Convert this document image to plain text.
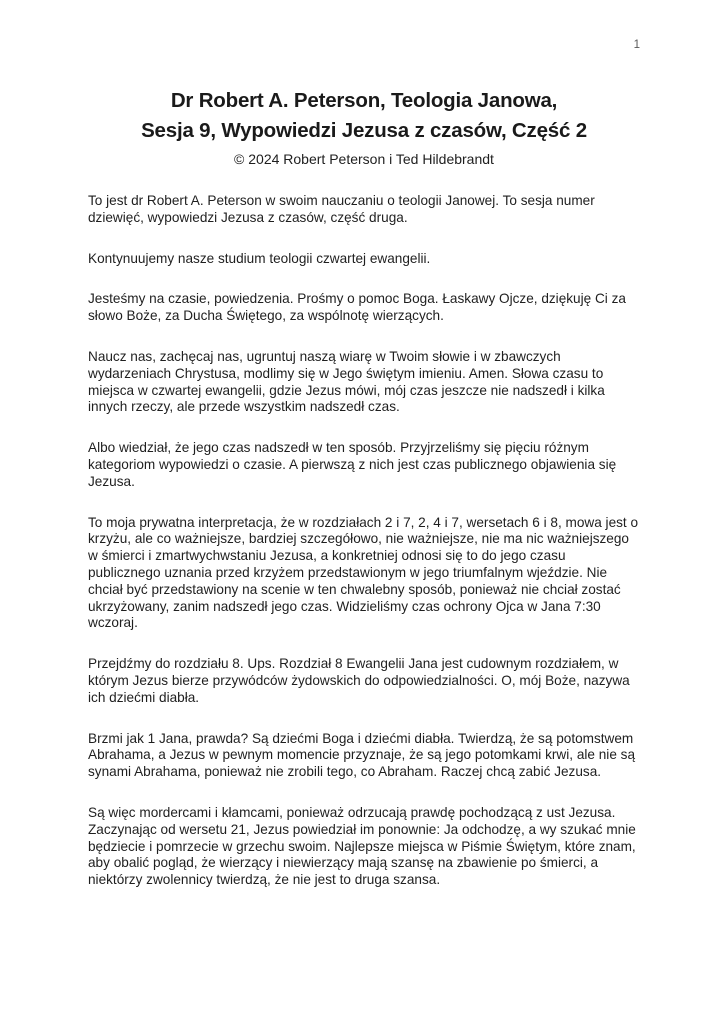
1
Dr Robert A. Peterson, Teologia Janowa,
Sesja 9, Wypowiedzi Jezusa z czasów, Część 2
© 2024 Robert Peterson i Ted Hildebrandt

To jest dr Robert A. Peterson w swoim nauczaniu o teologii Janowej. To sesja numer dziewięć, wypowiedzi Jezusa z czasów, część druga.

Kontynuujemy nasze studium teologii czwartej ewangelii.

Jesteśmy na czasie, powiedzenia. Prośmy o pomoc Boga. Łaskawy Ojcze, dziękuję Ci za słowo Boże, za Ducha Świętego, za wspólnotę wierzących.

Naucz nas, zachęcaj nas, ugruntuj naszą wiarę w Twoim słowie i w zbawczych wydarzeniach Chrystusa, modlimy się w Jego świętym imieniu. Amen. Słowa czasu to miejsca w czwartej ewangelii, gdzie Jezus mówi, mój czas jeszcze nie nadszedł i kilka innych rzeczy, ale przede wszystkim nadszedł czas.

Albo wiedział, że jego czas nadszedł w ten sposób. Przyjrzeliśmy się pięciu różnym kategoriom wypowiedzi o czasie. A pierwszą z nich jest czas publicznego objawienia się Jezusa.

To moja prywatna interpretacja, że w rozdziałach 2 i 7, 2, 4 i 7, wersetach 6 i 8, mowa jest o krzyżu, ale co ważniejsze, bardziej szczegółowo, nie ważniejsze, nie ma nic ważniejszego w śmierci i zmartwychwstaniu Jezusa, a konkretniej odnosi się to do jego czasu publicznego uznania przed krzyżem przedstawionym w jego triumfalnym wjeździe. Nie chciał być przedstawiony na scenie w ten chwalebny sposób, ponieważ nie chciał zostać ukrzyżowany, zanim nadszedł jego czas. Widzieliśmy czas ochrony Ojca w Jana 7:30 wczoraj.

Przejdźmy do rozdziału 8. Ups. Rozdział 8 Ewangelii Jana jest cudownym rozdziałem, w którym Jezus bierze przywódców żydowskich do odpowiedzialności. O, mój Boże, nazywa ich dziećmi diabła.

Brzmi jak 1 Jana, prawda? Są dziećmi Boga i dziećmi diabła. Twierdzą, że są potomstwem Abrahama, a Jezus w pewnym momencie przyznaje, że są jego potomkami krwi, ale nie są synami Abrahama, ponieważ nie zrobili tego, co Abraham. Raczej chcą zabić Jezusa.

Są więc mordercami i kłamcami, ponieważ odrzucają prawdę pochodzącą z ust Jezusa. Zaczynając od wersetu 21, Jezus powiedział im ponownie: Ja odchodzę, a wy szukać mnie będziecie i pomrzecie w grzechu swoim. Najlepsze miejsca w Piśmie Świętym, które znam, aby obalić pogląd, że wierzący i niewierzący mają szansę na zbawienie po śmierci, a niektórzy zwolennicy twierdzą, że nie jest to druga szansa.
